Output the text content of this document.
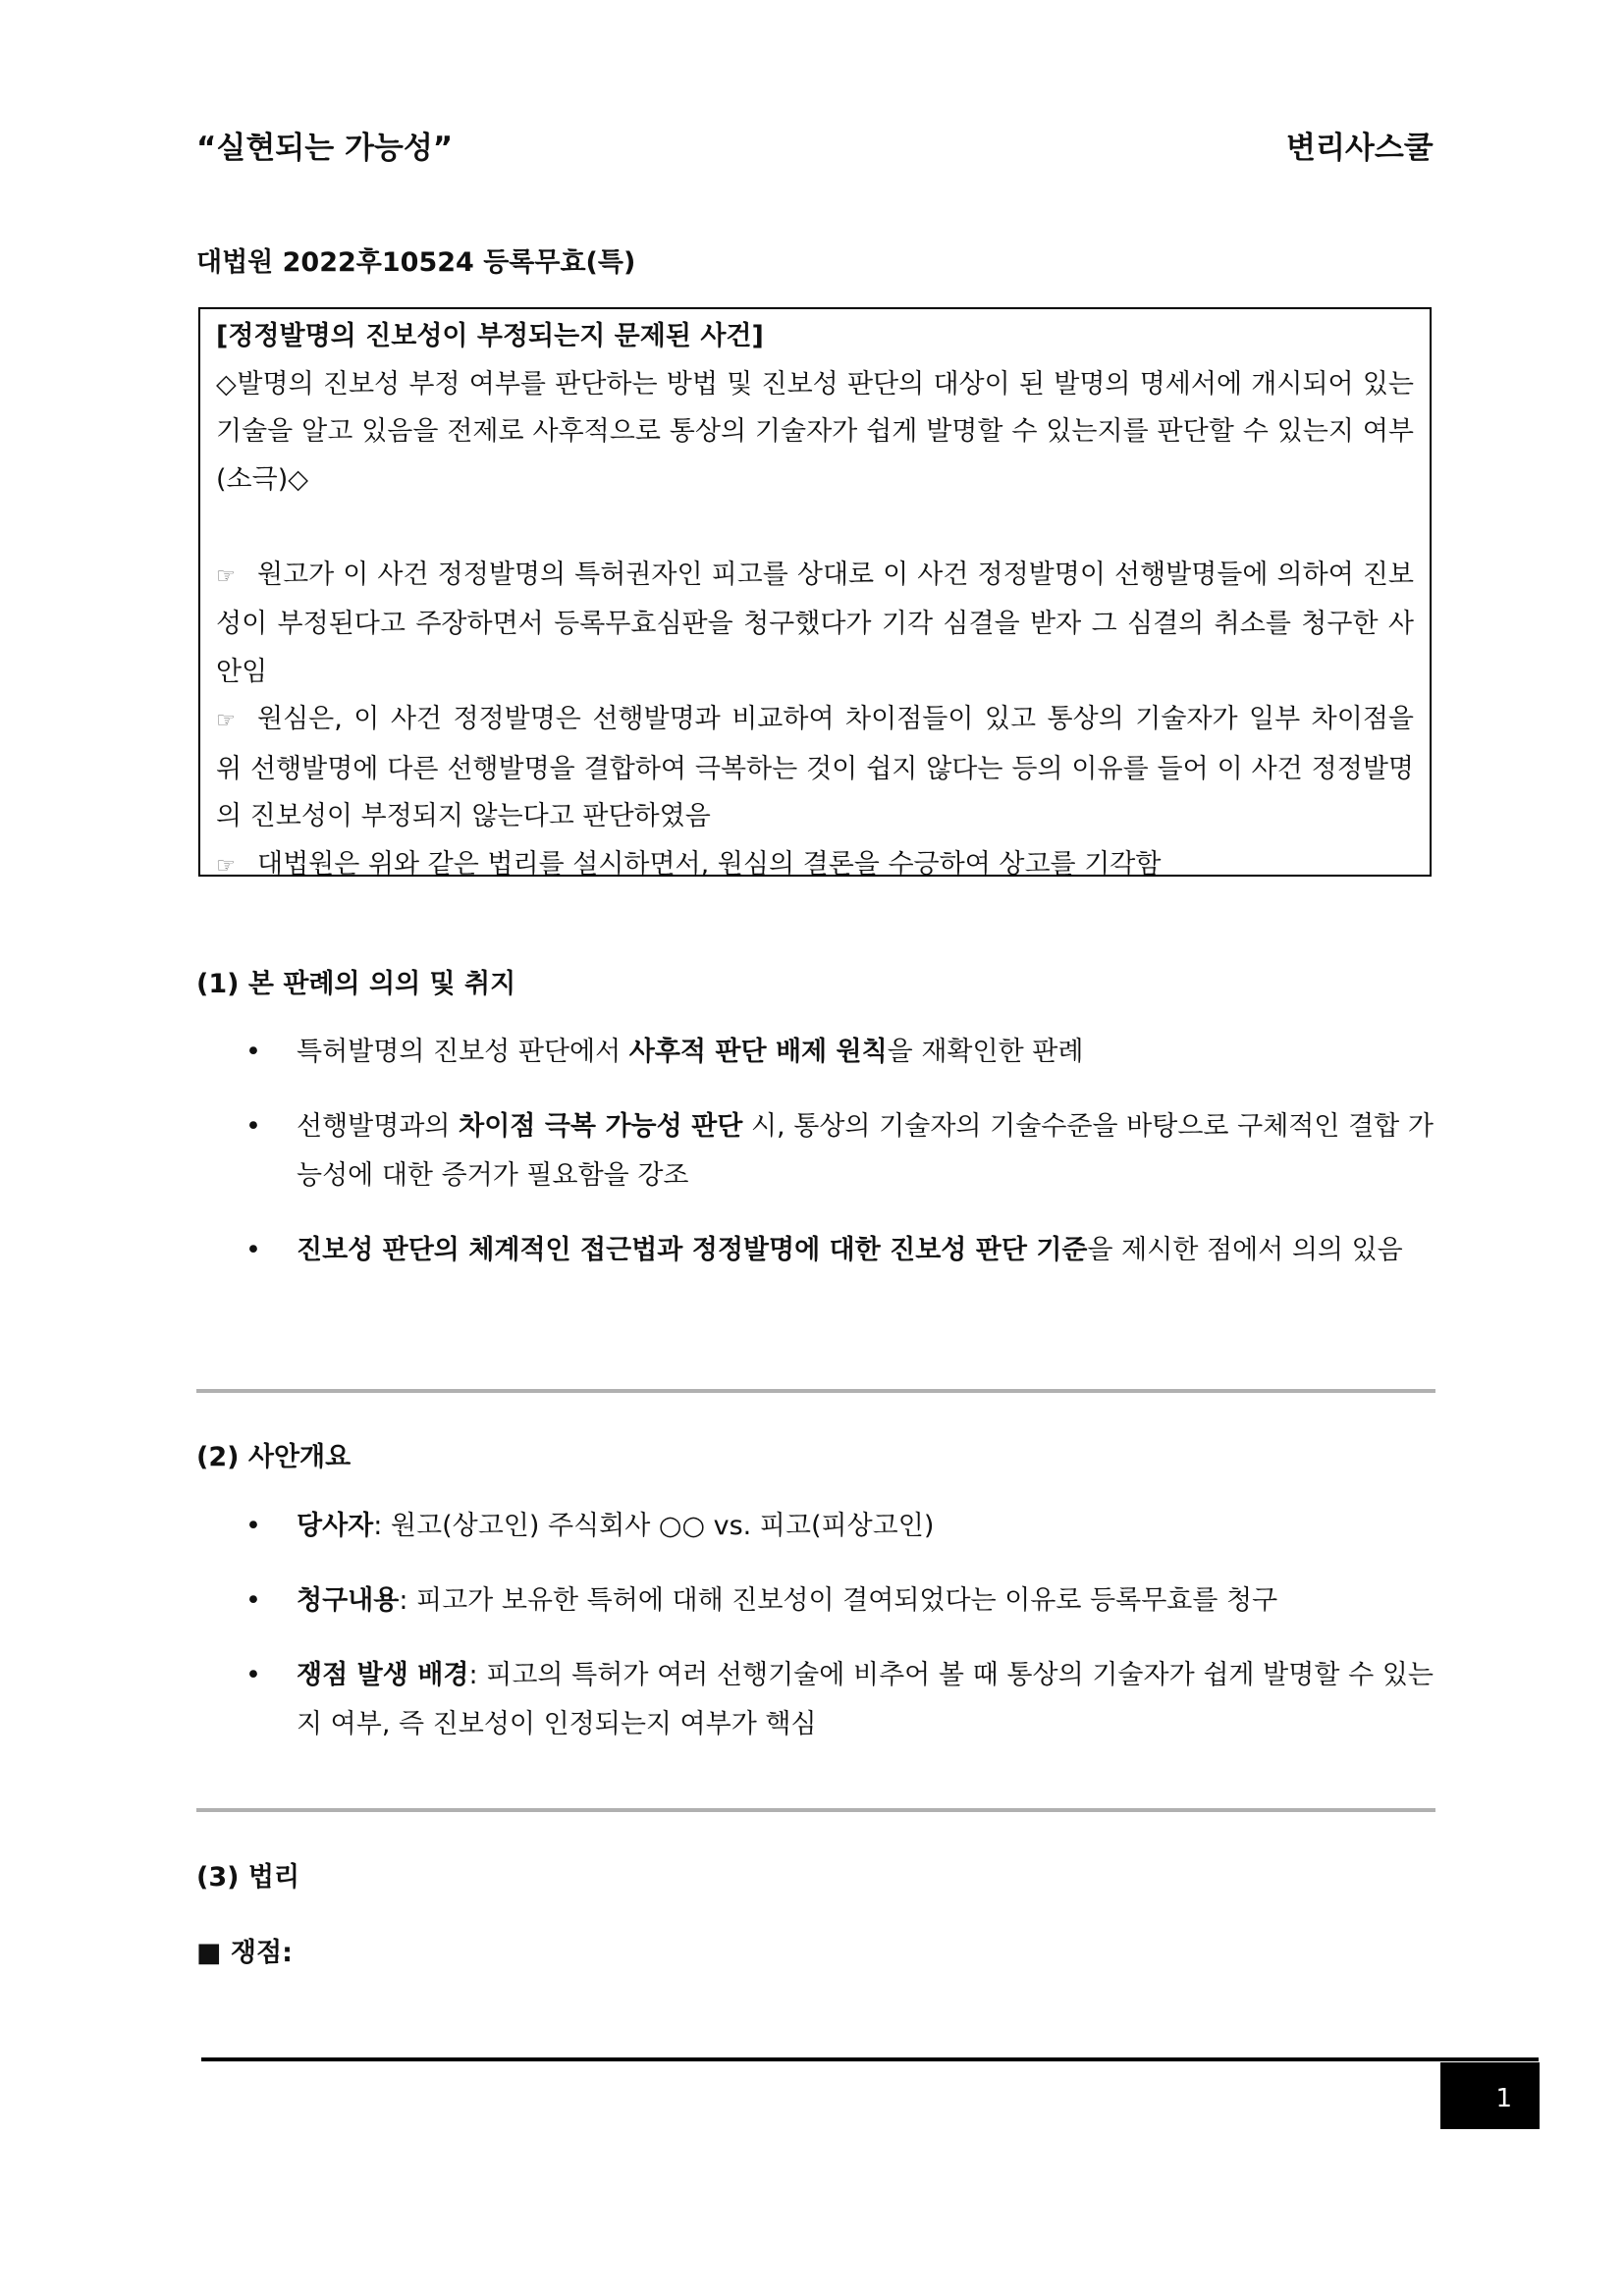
“실현되는 가능성”	변리사스쿨
대법원 2022후10524 등록무효(특)

[정정발명의 진보성이 부정되는지 문제된 사건]

◇발명의 진보성 부정 여부를 판단하는 방법 및 진보성 판단의 대상이 된 발명의 명세서에 개시되어 있는 기술을 알고 있음을 전제로 사후적으로 통상의 기술자가 쉽게 발명할 수 있는지를 판단할 수 있는지 여부(소극)◇

☞ 원고가 이 사건 정정발명의 특허권자인 피고를 상대로 이 사건 정정발명이 선행발명들에 의하여 진보성이 부정된다고 주장하면서 등록무효심판을 청구했다가 기각 심결을 받자 그 심결의 취소를 청구한 사안임

☞ 원심은, 이 사건 정정발명은 선행발명과 비교하여 차이점들이 있고 통상의 기술자가 일부 차이점을 위 선행발명에 다른 선행발명을 결합하여 극복하는 것이 쉽지 않다는 등의 이유를 들어 이 사건 정정발명의 진보성이 부정되지 않는다고 판단하였음

☞ 대법원은 위와 같은 법리를 설시하면서, 원심의 결론을 수긍하여 상고를 기각함

(1) 본 판례의 의의 및 취지
•	특허발명의 진보성 판단에서 사후적 판단 배제 원칙을 재확인한 판례
•	선행발명과의 차이점 극복 가능성 판단 시, 통상의 기술자의 기술수준을 바탕으로 구체적인 결합 가능성에 대한 증거가 필요함을 강조
•	진보성 판단의 체계적인 접근법과 정정발명에 대한 진보성 판단 기준을 제시한 점에서 의의 있음
(2) 사안개요
•	당사자: 원고(상고인) 주식회사 ○○ vs. 피고(피상고인)
•	청구내용: 피고가 보유한 특허에 대해 진보성이 결여되었다는 이유로 등록무효를 청구
•	쟁점 발생 배경: 피고의 특허가 여러 선행기술에 비추어 볼 때 통상의 기술자가 쉽게 발명할 수 있는지 여부, 즉 진보성이 인정되는지 여부가 핵심
(3) 법리
■ 쟁점:
1
